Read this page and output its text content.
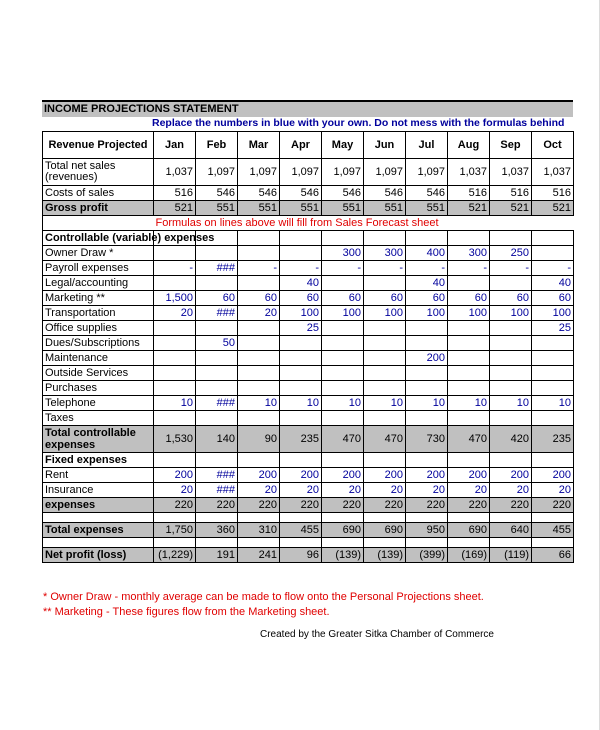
INCOME PROJECTIONS STATEMENT
Replace the numbers in blue with your own. Do not mess with the formulas behind
Revenue Projected	Jan	Feb	Mar	Apr	May	Jun	Jul	Aug	Sep	Oct
Total net sales (revenues)	1,037	1,097	1,097	1,097	1,097	1,097	1,097	1,037	1,037	1,037
Costs of sales	516	546	546	546	546	546	546	516	516	516
Gross profit	521	551	551	551	551	551	551	521	521	521
	Formulas on lines above will fill from Sales Forecast sheet									
Controllable (variable) expenses										
Owner Draw *					300	300	400	300	250	
Payroll expenses	-	###	-	-	-	-	-	-	-	-
Legal/accounting				40			40			40
Marketing **	1,500	60	60	60	60	60	60	60	60	60
Transportation	20	###	20	100	100	100	100	100	100	100
Office supplies				25						25
Dues/Subscriptions		50								
Maintenance							200			
Outside Services										
Purchases										
Telephone	10	###	10	10	10	10	10	10	10	10
Taxes										
Total controllable expenses	1,530	140	90	235	470	470	730	470	420	235
Fixed expenses										
Rent	200	###	200	200	200	200	200	200	200	200
Insurance	20	###	20	20	20	20	20	20	20	20
expenses	220	220	220	220	220	220	220	220	220	220

Total expenses	1,750	360	310	455	690	690	950	690	640	455

Net profit (loss)	(1,229)	191	241	96	(139)	(139)	(399)	(169)	(119)	66
* Owner Draw - monthly average can be made to flow onto the Personal Projections sheet.
** Marketing - These figures flow from the Marketing sheet.
Created by the Greater Sitka Chamber of Commerce
